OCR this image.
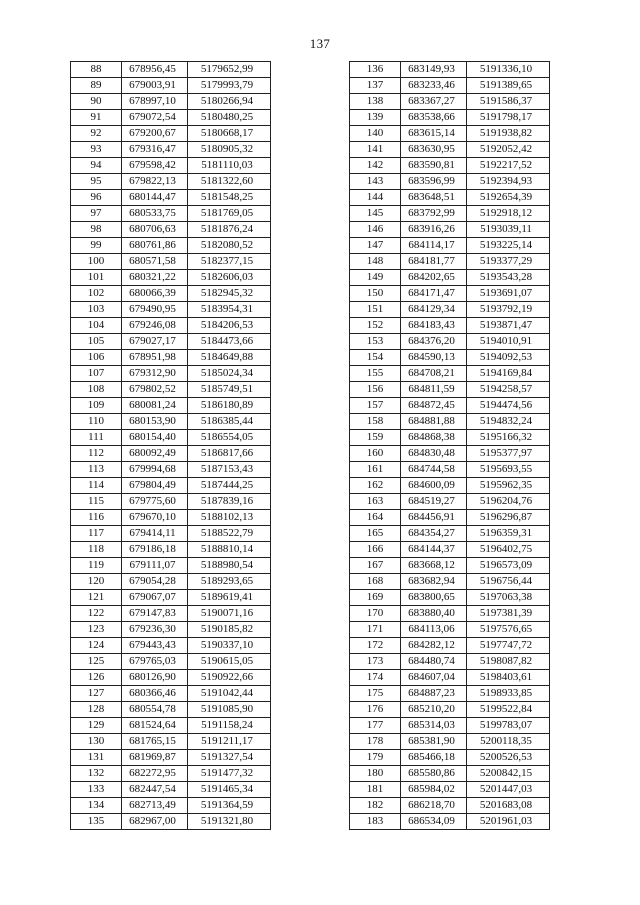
137
88	678956,45	5179652,99
89	679003,91	5179993,79
90	678997,10	5180266,94
91	679072,54	5180480,25
92	679200,67	5180668,17
93	679316,47	5180905,32
94	679598,42	5181110,03
95	679822,13	5181322,60
96	680144,47	5181548,25
97	680533,75	5181769,05
98	680706,63	5181876,24
99	680761,86	5182080,52
100	680571,58	5182377,15
101	680321,22	5182606,03
102	680066,39	5182945,32
103	679490,95	5183954,31
104	679246,08	5184206,53
105	679027,17	5184473,66
106	678951,98	5184649,88
107	679312,90	5185024,34
108	679802,52	5185749,51
109	680081,24	5186180,89
110	680153,90	5186385,44
111	680154,40	5186554,05
112	680092,49	5186817,66
113	679994,68	5187153,43
114	679804,49	5187444,25
115	679775,60	5187839,16
116	679670,10	5188102,13
117	679414,11	5188522,79
118	679186,18	5188810,14
119	679111,07	5188980,54
120	679054,28	5189293,65
121	679067,07	5189619,41
122	679147,83	5190071,16
123	679236,30	5190185,82
124	679443,43	5190337,10
125	679765,03	5190615,05
126	680126,90	5190922,66
127	680366,46	5191042,44
128	680554,78	5191085,90
129	681524,64	5191158,24
130	681765,15	5191211,17
131	681969,87	5191327,54
132	682272,95	5191477,32
133	682447,54	5191465,34
134	682713,49	5191364,59
135	682967,00	5191321,80
136	683149,93	5191336,10
137	683233,46	5191389,65
138	683367,27	5191586,37
139	683538,66	5191798,17
140	683615,14	5191938,82
141	683630,95	5192052,42
142	683590,81	5192217,52
143	683596,99	5192394,93
144	683648,51	5192654,39
145	683792,99	5192918,12
146	683916,26	5193039,11
147	684114,17	5193225,14
148	684181,77	5193377,29
149	684202,65	5193543,28
150	684171,47	5193691,07
151	684129,34	5193792,19
152	684183,43	5193871,47
153	684376,20	5194010,91
154	684590,13	5194092,53
155	684708,21	5194169,84
156	684811,59	5194258,57
157	684872,45	5194474,56
158	684881,88	5194832,24
159	684868,38	5195166,32
160	684830,48	5195377,97
161	684744,58	5195693,55
162	684600,09	5195962,35
163	684519,27	5196204,76
164	684456,91	5196296,87
165	684354,27	5196359,31
166	684144,37	5196402,75
167	683668,12	5196573,09
168	683682,94	5196756,44
169	683800,65	5197063,38
170	683880,40	5197381,39
171	684113,06	5197576,65
172	684282,12	5197747,72
173	684480,74	5198087,82
174	684607,04	5198403,61
175	684887,23	5198933,85
176	685210,20	5199522,84
177	685314,03	5199783,07
178	685381,90	5200118,35
179	685466,18	5200526,53
180	685580,86	5200842,15
181	685984,02	5201447,03
182	686218,70	5201683,08
183	686534,09	5201961,03
